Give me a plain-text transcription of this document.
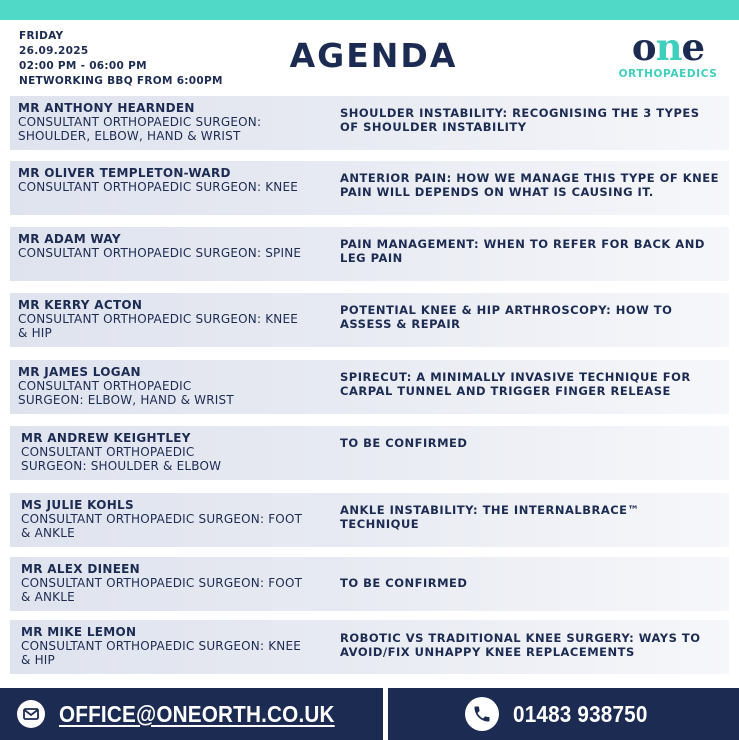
FRIDAY
26.09.2025
02:00 PM - 06:00 PM
NETWORKING BBQ FROM 6:00PM
AGENDA	one
ORTHOPAEDICS
MR ANTHONY HEARNDEN
CONSULTANT ORTHOPAEDIC SURGEON: SHOULDER, ELBOW, HAND & WRIST
SHOULDER INSTABILITY: RECOGNISING THE 3 TYPES OF SHOULDER INSTABILITY
MR OLIVER TEMPLETON-WARD
CONSULTANT ORTHOPAEDIC SURGEON: KNEE
ANTERIOR PAIN: HOW WE MANAGE THIS TYPE OF KNEE PAIN WILL DEPENDS ON WHAT IS CAUSING IT.
MR ADAM WAY
CONSULTANT ORTHOPAEDIC SURGEON: SPINE
PAIN MANAGEMENT: WHEN TO REFER FOR BACK AND LEG PAIN
MR KERRY ACTON
CONSULTANT ORTHOPAEDIC SURGEON: KNEE & HIP
POTENTIAL KNEE & HIP ARTHROSCOPY: HOW TO ASSESS & REPAIR
MR JAMES LOGAN
CONSULTANT ORTHOPAEDIC SURGEON: ELBOW, HAND & WRIST
SPIRECUT: A MINIMALLY INVASIVE TECHNIQUE FOR CARPAL TUNNEL AND TRIGGER FINGER RELEASE
MR ANDREW KEIGHTLEY
CONSULTANT ORTHOPAEDIC SURGEON: SHOULDER & ELBOW
TO BE CONFIRMED
MS JULIE KOHLS
CONSULTANT ORTHOPAEDIC SURGEON: FOOT & ANKLE
ANKLE INSTABILITY: THE INTERNALBRACE™ TECHNIQUE
MR ALEX DINEEN
CONSULTANT ORTHOPAEDIC SURGEON: FOOT & ANKLE
TO BE CONFIRMED
MR MIKE LEMON
CONSULTANT ORTHOPAEDIC SURGEON: KNEE & HIP
ROBOTIC VS TRADITIONAL KNEE SURGERY: WAYS TO AVOID/FIX UNHAPPY KNEE REPLACEMENTS
OFFICE@ONEORTH.CO.UK	01483 938750
